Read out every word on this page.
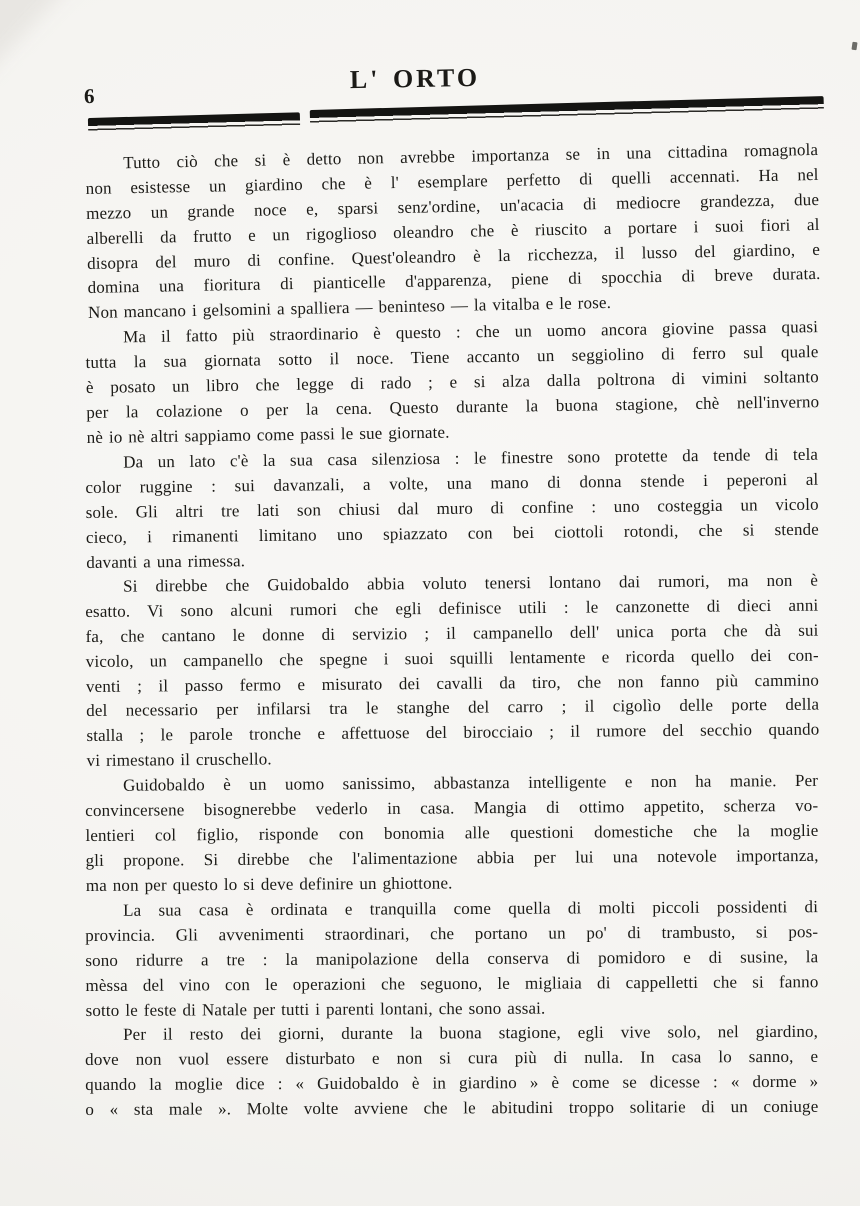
6
L' ORTO
Tutto ciò che si è detto non avrebbe importanza se in una cittadina romagnola
non esistesse un giardino che è l' esemplare perfetto di quelli accennati. Ha nel
mezzo un grande noce e, sparsi senz'ordine, un'acacia di mediocre grandezza, due
alberelli da frutto e un rigoglioso oleandro che è riuscito a portare i suoi fiori al
disopra del muro di confine. Quest'oleandro è la ricchezza, il lusso del giardino, e
domina una fioritura di pianticelle d'apparenza, piene di spocchia di breve durata.
Non mancano i gelsomini a spalliera — beninteso — la vitalba e le rose.
Ma il fatto più straordinario è questo : che un uomo ancora giovine passa quasi
tutta la sua giornata sotto il noce. Tiene accanto un seggiolino di ferro sul quale
è posato un libro che legge di rado ; e si alza dalla poltrona di vimini soltanto
per la colazione o per la cena. Questo durante la buona stagione, chè nell'inverno
nè io nè altri sappiamo come passi le sue giornate.
Da un lato c'è la sua casa silenziosa : le finestre sono protette da tende di tela
color ruggine : sui davanzali, a volte, una mano di donna stende i peperoni al
sole. Gli altri tre lati son chiusi dal muro di confine : uno costeggia un vicolo
cieco, i rimanenti limitano uno spiazzato con bei ciottoli rotondi, che si stende
davanti a una rimessa.
Si direbbe che Guidobaldo abbia voluto tenersi lontano dai rumori, ma non è
esatto. Vi sono alcuni rumori che egli definisce utili : le canzonette di dieci anni
fa, che cantano le donne di servizio ; il campanello dell' unica porta che dà sui
vicolo, un campanello che spegne i suoi squilli lentamente e ricorda quello dei con-
venti ; il passo fermo e misurato dei cavalli da tiro, che non fanno più cammino
del necessario per infilarsi tra le stanghe del carro ; il cigolìo delle porte della
stalla ; le parole tronche e affettuose del birocciaio ; il rumore del secchio quando
vi rimestano il cruschello.
Guidobaldo è un uomo sanissimo, abbastanza intelligente e non ha manie. Per
convincersene bisognerebbe vederlo in casa. Mangia di ottimo appetito, scherza vo-
lentieri col figlio, risponde con bonomia alle questioni domestiche che la moglie
gli propone. Si direbbe che l'alimentazione abbia per lui una notevole importanza,
ma non per questo lo si deve definire un ghiottone.
La sua casa è ordinata e tranquilla come quella di molti piccoli possidenti di
provincia. Gli avvenimenti straordinari, che portano un po' di trambusto, si pos-
sono ridurre a tre : la manipolazione della conserva di pomidoro e di susine, la
mèssa del vino con le operazioni che seguono, le migliaia di cappelletti che si fanno
sotto le feste di Natale per tutti i parenti lontani, che sono assai.
Per il resto dei giorni, durante la buona stagione, egli vive solo, nel giardino,
dove non vuol essere disturbato e non si cura più di nulla. In casa lo sanno, e
quando la moglie dice : « Guidobaldo è in giardino » è come se dicesse : « dorme »
o « sta male ». Molte volte avviene che le abitudini troppo solitarie di un coniuge
